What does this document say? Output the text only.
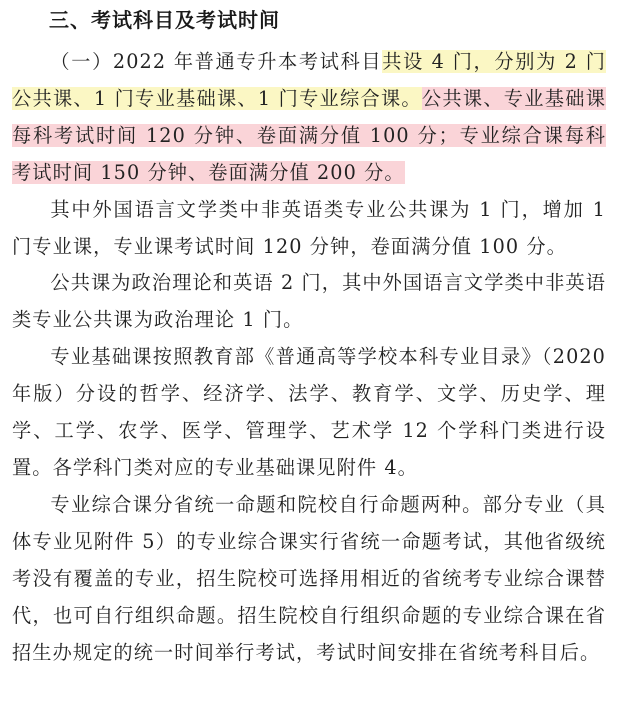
三、考试科目及考试时间

（一）2022 年普通专升本考试科目共设 4 门，分别为 2 门公共课、1 门专业基础课、1 门专业综合课。公共课、专业基础课每科考试时间 120 分钟、卷面满分值 100 分；专业综合课每科考试时间 150 分钟、卷面满分值 200 分。

其中外国语言文学类中非英语类专业公共课为 1 门，增加 1 门专业课，专业课考试时间 120 分钟，卷面满分值 100 分。

公共课为政治理论和英语 2 门，其中外国语言文学类中非英语类专业公共课为政治理论 1 门。

专业基础课按照教育部《普通高等学校本科专业目录》（2020 年版）分设的哲学、经济学、法学、教育学、文学、历史学、理学、工学、农学、医学、管理学、艺术学 12 个学科门类进行设置。各学科门类对应的专业基础课见附件 4。

专业综合课分省统一命题和院校自行命题两种。部分专业（具体专业见附件 5）的专业综合课实行省统一命题考试，其他省级统考没有覆盖的专业，招生院校可选择用相近的省统考专业综合课替代，也可自行组织命题。招生院校自行组织命题的专业综合课在省招生办规定的统一时间举行考试，考试时间安排在省统考科目后。
